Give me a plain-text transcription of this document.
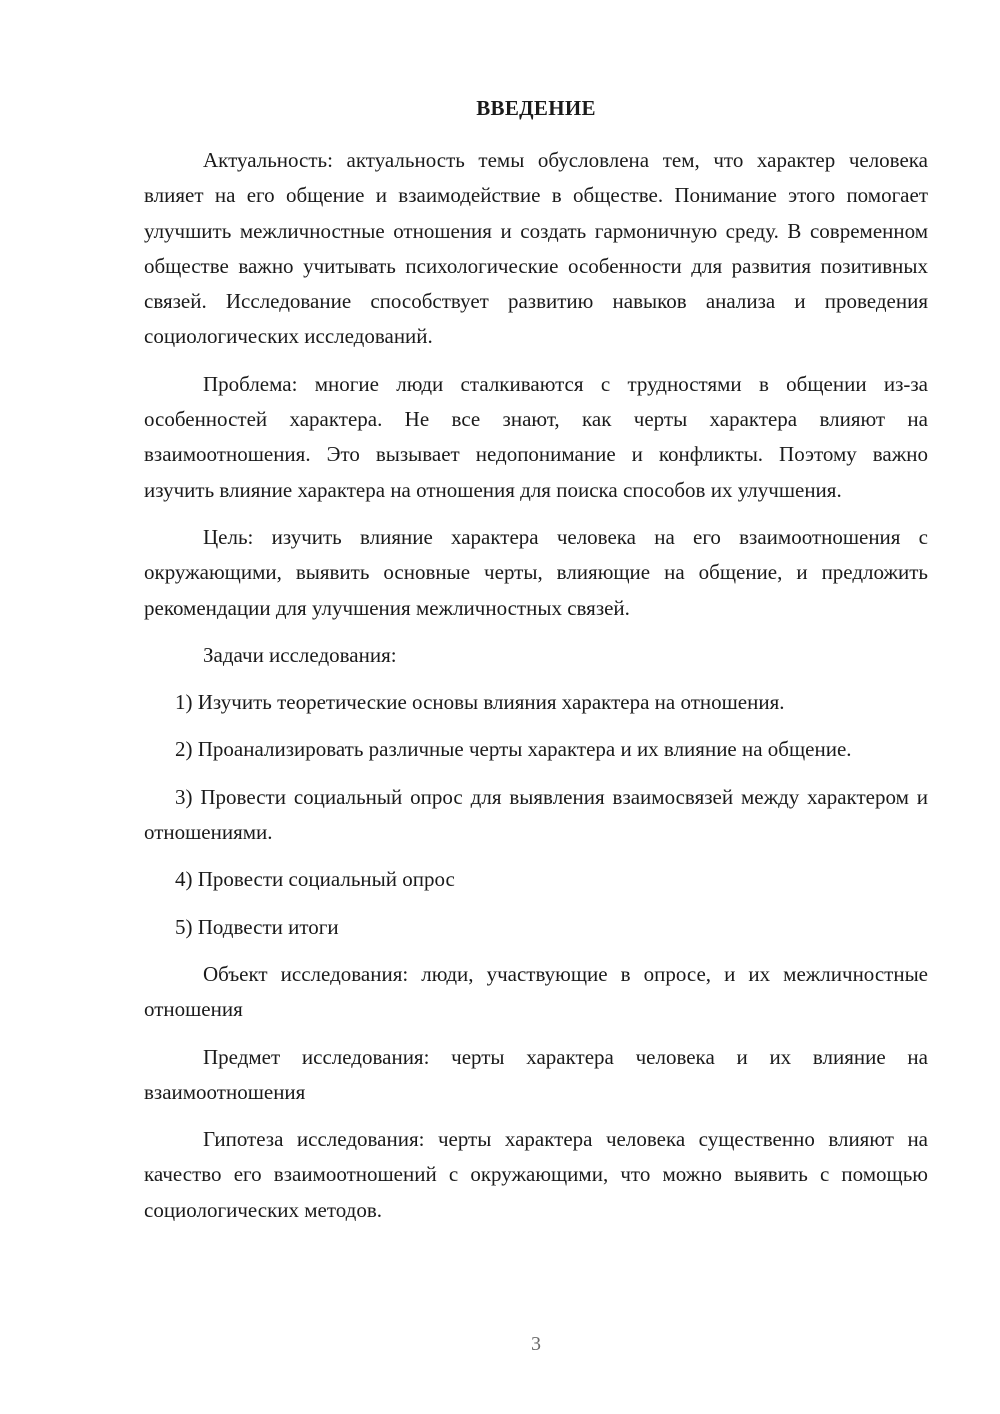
ВВЕДЕНИЕ

Актуальность: актуальность темы обусловлена тем, что характер человека влияет на его общение и взаимодействие в обществе. Понимание этого помогает улучшить межличностные отношения и создать гармоничную среду. В современном обществе важно учитывать психологические особенности для развития позитивных связей. Исследование способствует развитию навыков анализа и проведения социологических исследований.

Проблема: многие люди сталкиваются с трудностями в общении из-за особенностей характера. Не все знают, как черты характера влияют на взаимоотношения. Это вызывает недопонимание и конфликты. Поэтому важно изучить влияние характера на отношения для поиска способов их улучшения.

Цель: изучить влияние характера человека на его взаимоотношения с окружающими, выявить основные черты, влияющие на общение, и предложить рекомендации для улучшения межличностных связей.

Задачи исследования:

1) Изучить теоретические основы влияния характера на отношения.

2) Проанализировать различные черты характера и их влияние на общение.

3) Провести социальный опрос для выявления взаимосвязей между характером и отношениями.

4) Провести социальный опрос

5) Подвести итоги

Объект исследования: люди, участвующие в опросе, и их межличностные отношения

Предмет исследования: черты характера человека и их влияние на взаимоотношения

Гипотеза исследования: черты характера человека существенно влияют на качество его взаимоотношений с окружающими, что можно выявить с помощью социологических методов.

3
